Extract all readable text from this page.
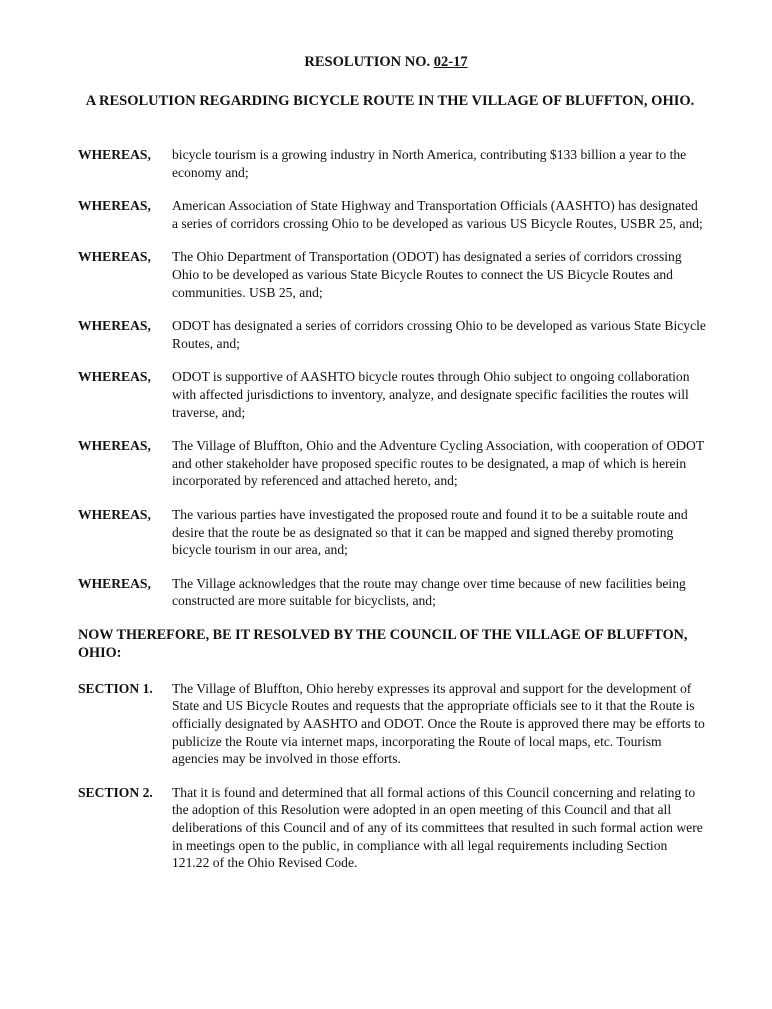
RESOLUTION NO. 02-17
A RESOLUTION REGARDING BICYCLE ROUTE IN THE VILLAGE OF BLUFFTON, OHIO.
WHEREAS,	bicycle tourism is a growing industry in North America, contributing $133 billion a year to the economy and;
WHEREAS,	American Association of State Highway and Transportation Officials (AASHTO) has designated a series of corridors crossing Ohio to be developed as various US Bicycle Routes, USBR 25, and;
WHEREAS,	The Ohio Department of Transportation (ODOT) has designated a series of corridors crossing Ohio to be developed as various State Bicycle Routes to connect the US Bicycle Routes and communities. USB 25, and;
WHEREAS,	ODOT has designated a series of corridors crossing Ohio to be developed as various State Bicycle Routes, and;
WHEREAS,	ODOT is supportive of AASHTO bicycle routes through Ohio subject to ongoing collaboration with affected jurisdictions to inventory, analyze, and designate specific facilities the routes will traverse, and;
WHEREAS,	The Village of Bluffton, Ohio and the Adventure Cycling Association, with cooperation of ODOT and other stakeholder have proposed specific routes to be designated, a map of which is herein incorporated by referenced and attached hereto, and;
WHEREAS,	The various parties have investigated the proposed route and found it to be a suitable route and desire that the route be as designated so that it can be mapped and signed thereby promoting bicycle tourism in our area, and;
WHEREAS,	The Village acknowledges that the route may change over time because of new facilities being constructed are more suitable for bicyclists, and;
NOW THEREFORE, BE IT RESOLVED BY THE COUNCIL OF THE VILLAGE OF BLUFFTON, OHIO:
SECTION 1.	The Village of Bluffton, Ohio hereby expresses its approval and support for the development of State and US Bicycle Routes and requests that the appropriate officials see to it that the Route is officially designated by AASHTO and ODOT. Once the Route is approved there may be efforts to publicize the Route via internet maps, incorporating the Route of local maps, etc. Tourism agencies may be involved in those efforts.
SECTION 2.	That it is found and determined that all formal actions of this Council concerning and relating to the adoption of this Resolution were adopted in an open meeting of this Council and that all deliberations of this Council and of any of its committees that resulted in such formal action were in meetings open to the public, in compliance with all legal requirements including Section 121.22 of the Ohio Revised Code.
